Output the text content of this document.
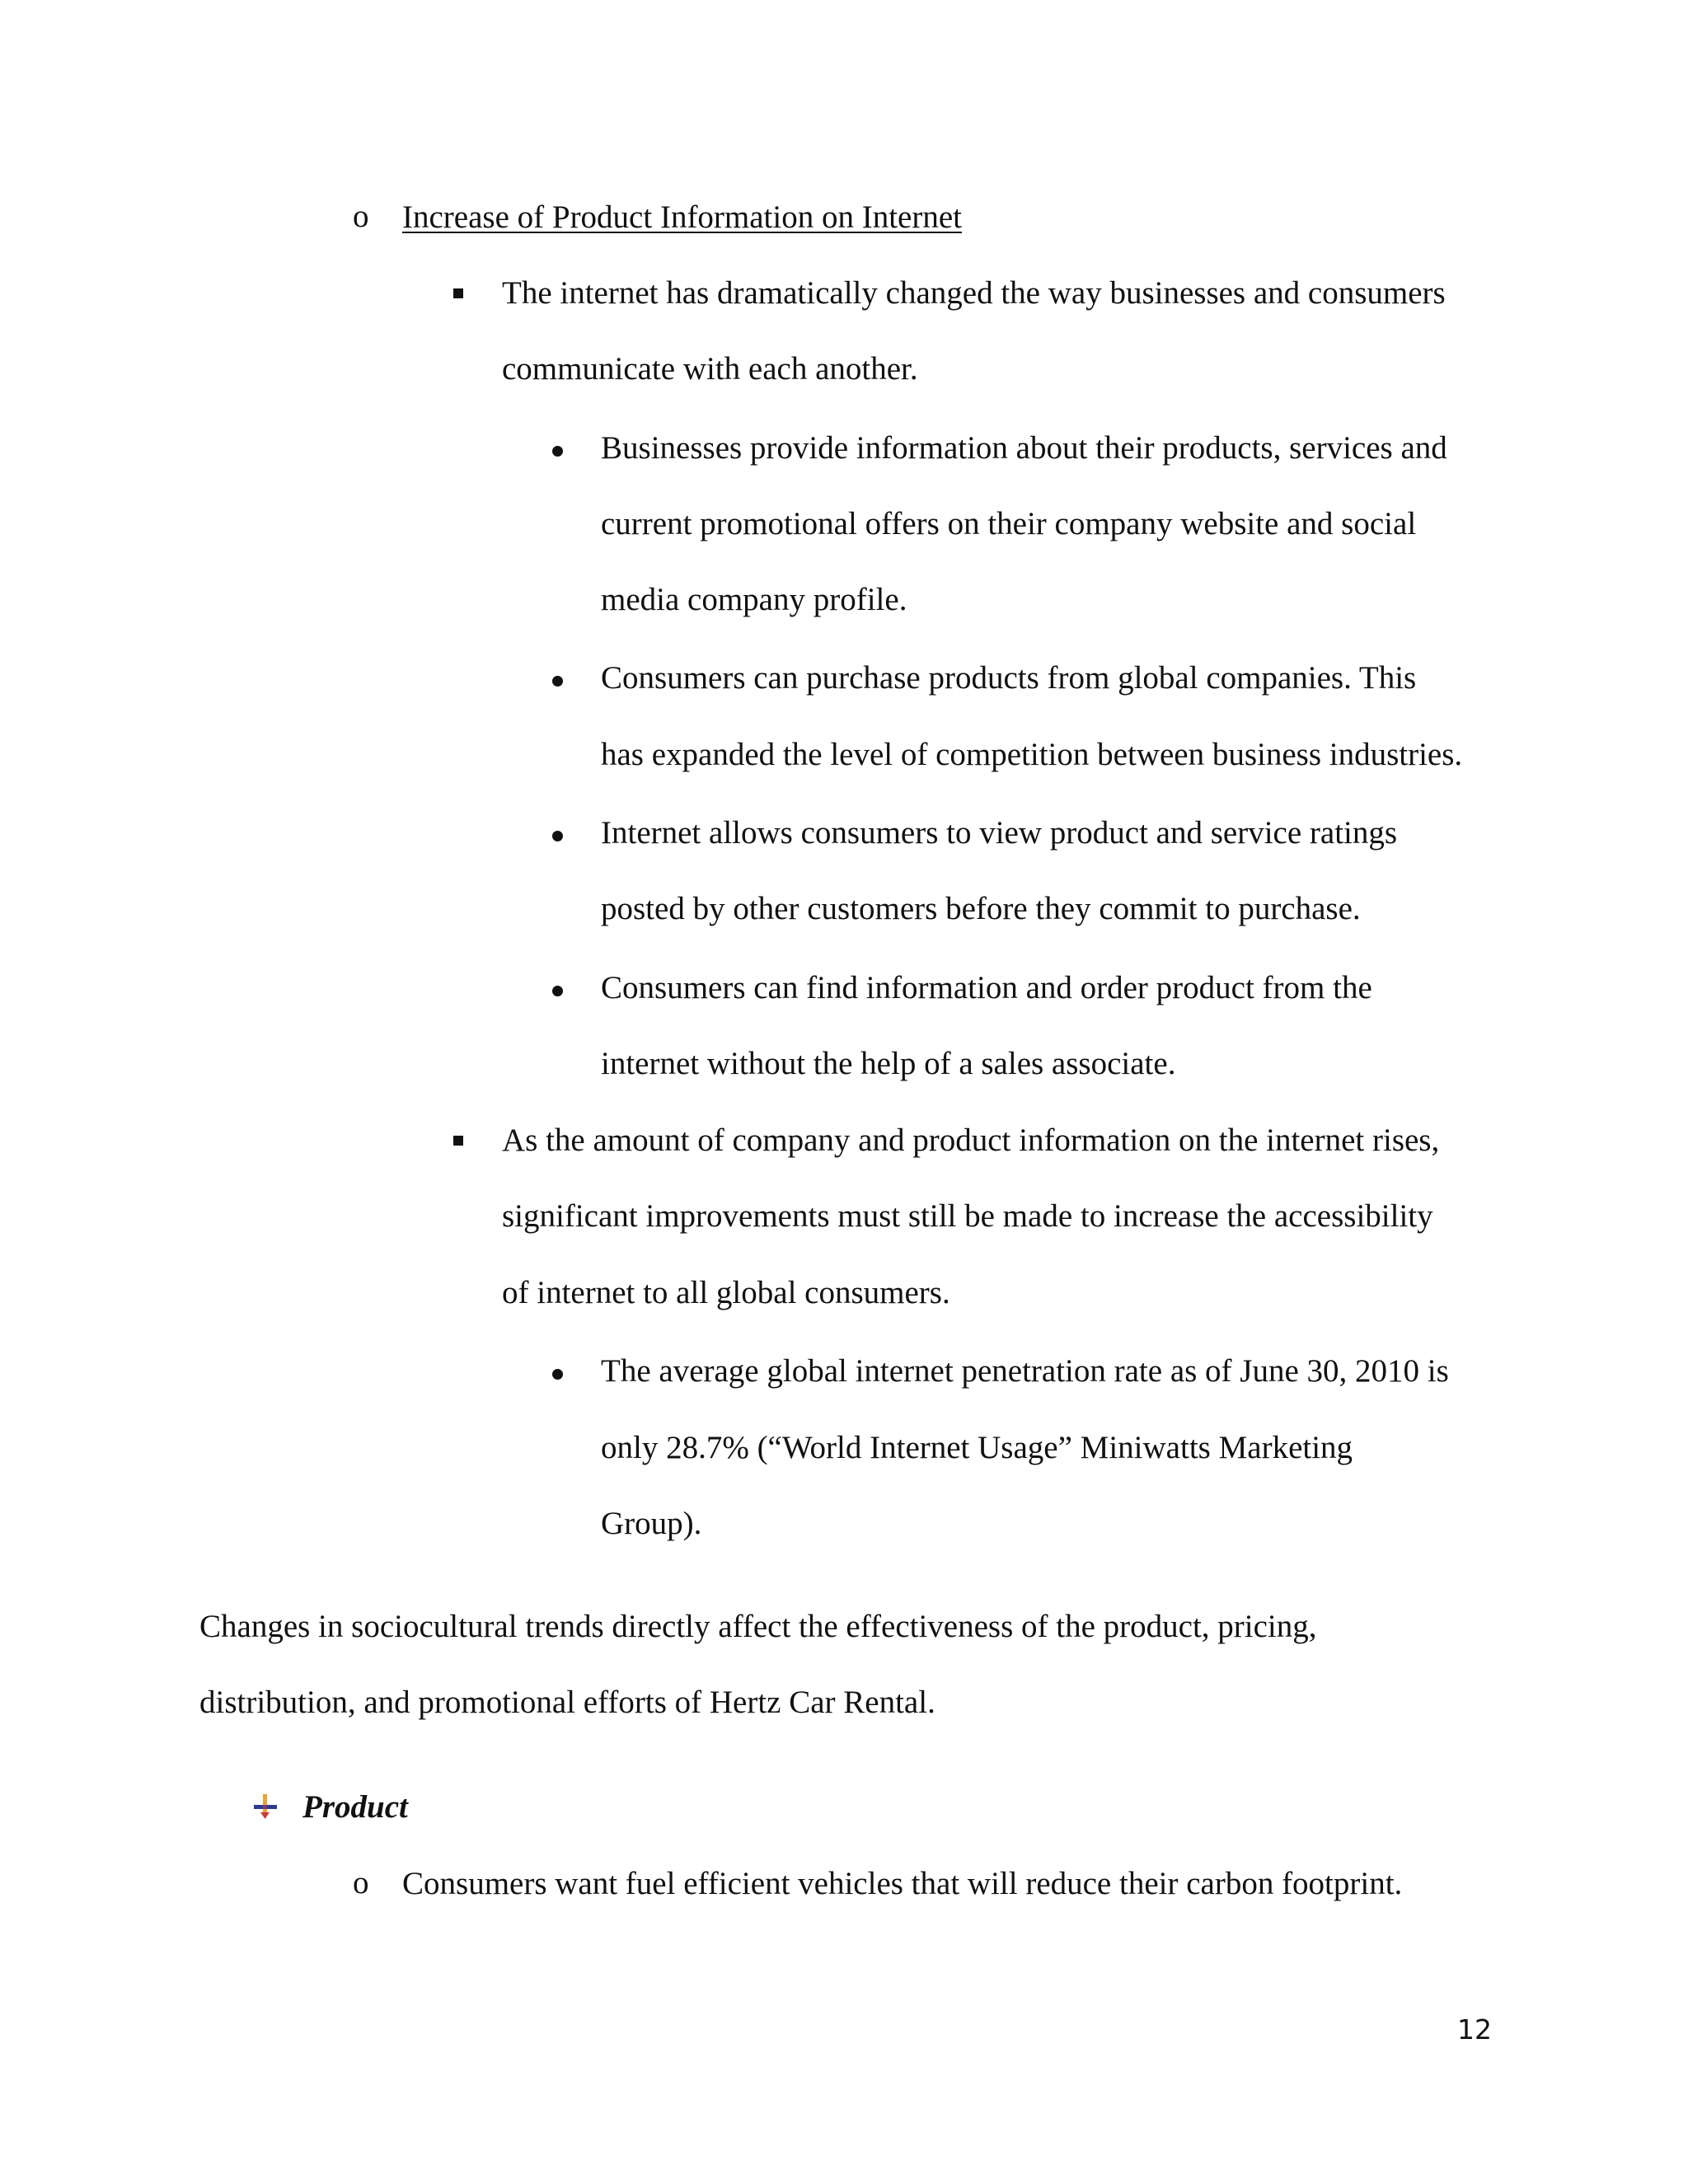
o Increase of Product Information on Internet
The internet has dramatically changed the way businesses and consumers
communicate with each another.
Businesses provide information about their products, services and
current promotional offers on their company website and social
media company profile.
Consumers can purchase products from global companies. This
has expanded the level of competition between business industries.
Internet allows consumers to view product and service ratings
posted by other customers before they commit to purchase.
Consumers can find information and order product from the
internet without the help of a sales associate.
As the amount of company and product information on the internet rises,
significant improvements must still be made to increase the accessibility
of internet to all global consumers.
The average global internet penetration rate as of June 30, 2010 is
only 28.7% (“World Internet Usage” Miniwatts Marketing
Group).
Changes in sociocultural trends directly affect the effectiveness of the product, pricing,
distribution, and promotional efforts of Hertz Car Rental.
Product
o Consumers want fuel efficient vehicles that will reduce their carbon footprint.
12
